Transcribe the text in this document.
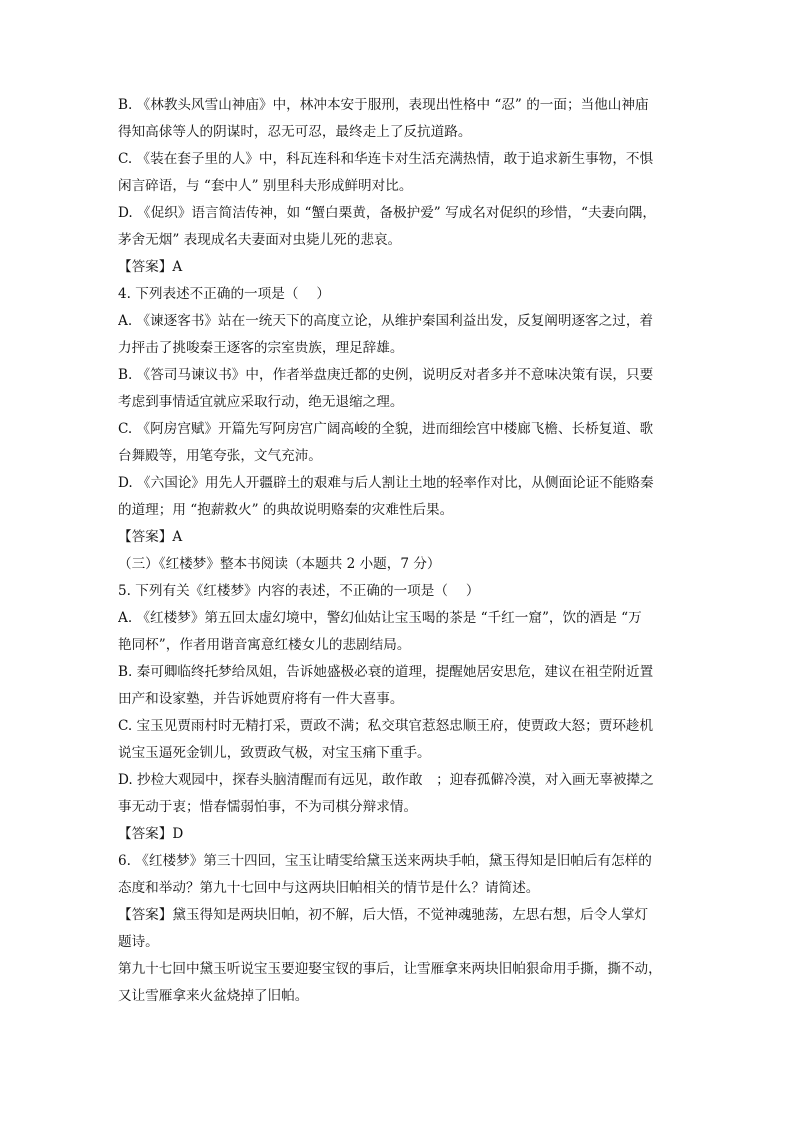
B. 《林教头风雪山神庙》中，林冲本安于服刑，表现出性格中 “忍” 的一面；当他山神庙
得知高俅等人的阴谋时，忍无可忍，最终走上了反抗道路。
C. 《装在套子里的人》中，科瓦连科和华连卡对生活充满热情，敢于追求新生事物，不惧
闲言碎语，与 “套中人” 别里科夫形成鲜明对比。
D. 《促织》语言简洁传神，如 “蟹白栗黄，备极护爱” 写成名对促织的珍惜，“夫妻向隅，
茅舍无烟” 表现成名夫妻面对虫毙儿死的悲哀。
【答案】A
4. 下列表述不正确的一项是（　 ）
A. 《谏逐客书》站在一统天下的高度立论，从维护秦国利益出发，反复阐明逐客之过，着
力抨击了挑唆秦王逐客的宗室贵族，理足辞雄。
B. 《答司马谏议书》中，作者举盘庚迁都的史例，说明反对者多并不意味决策有误，只要
考虑到事情适宜就应采取行动，绝无退缩之理。
C. 《阿房宫赋》开篇先写阿房宫广阔高峻的全貌，进而细绘宫中楼廊飞檐、长桥复道、歌
台舞殿等，用笔夸张，文气充沛。
D. 《六国论》用先人开疆辟土的艰难与后人割让土地的轻率作对比，从侧面论证不能赂秦
的道理；用 “抱薪救火” 的典故说明赂秦的灾难性后果。
【答案】A
（三）《红楼梦》整本书阅读（本题共 2 小题，7 分）
5. 下列有关《红楼梦》内容的表述，不正确的一项是（　 ）
A. 《红楼梦》第五回太虚幻境中，警幻仙姑让宝玉喝的茶是 “千红一窟”，饮的酒是 “万
艳同杯”，作者用谐音寓意红楼女儿的悲剧结局。
B. 秦可卿临终托梦给凤姐，告诉她盛极必衰的道理，提醒她居安思危，建议在祖茔附近置
田产和设家塾，并告诉她贾府将有一件大喜事。
C. 宝玉见贾雨村时无精打采，贾政不满；私交琪官惹怒忠顺王府，使贾政大怒；贾环趁机
说宝玉逼死金钏儿，致贾政气极，对宝玉痛下重手。
D. 抄检大观园中，探春头脑清醒而有远见，敢作敢　；迎春孤僻冷漠，对入画无辜被撵之
事无动于衷；惜春懦弱怕事，不为司棋分辩求情。
【答案】D
6. 《红楼梦》第三十四回，宝玉让晴雯给黛玉送来两块手帕，黛玉得知是旧帕后有怎样的
态度和举动？第九十七回中与这两块旧帕相关的情节是什么？请简述。
【答案】黛玉得知是两块旧帕，初不解，后大悟，不觉神魂驰荡，左思右想，后令人掌灯
题诗。
第九十七回中黛玉听说宝玉要迎娶宝钗的事后，让雪雁拿来两块旧帕狠命用手撕，撕不动，
又让雪雁拿来火盆烧掉了旧帕。
